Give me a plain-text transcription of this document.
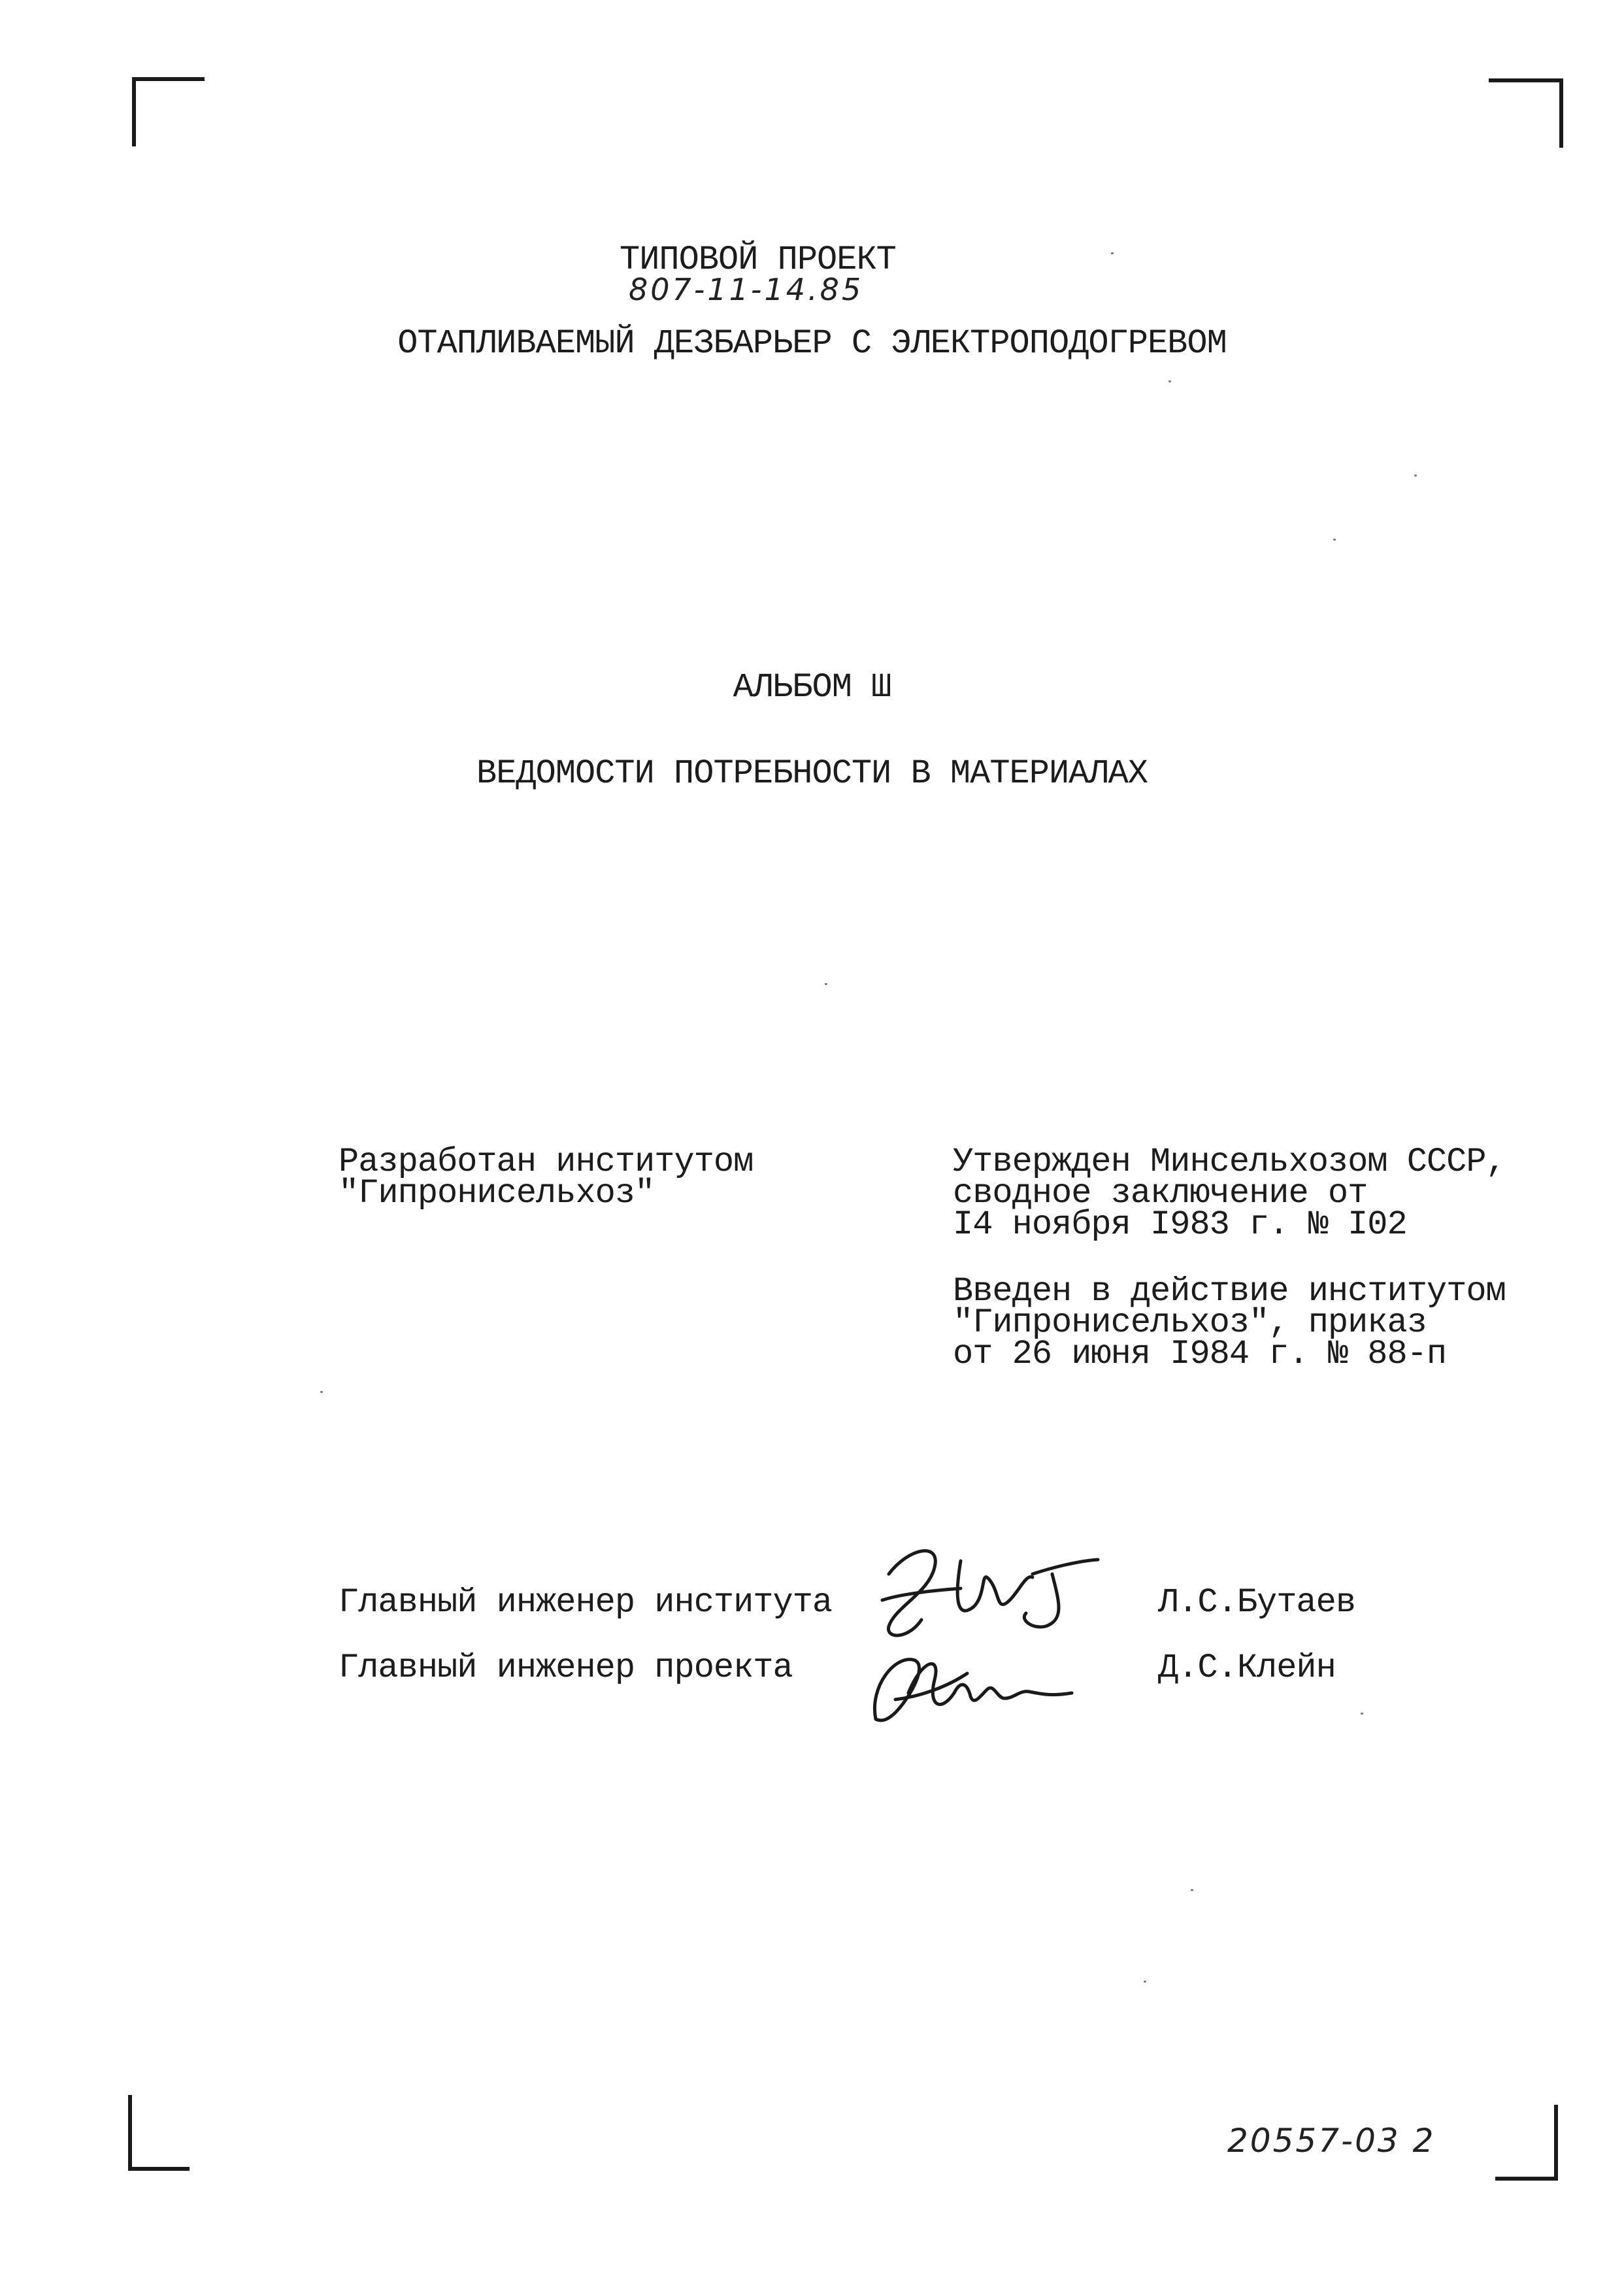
ТИПОВОЙ ПРОЕКТ
807-11-14.85
ОТАПЛИВАЕМЫЙ ДЕЗБАРЬЕР С ЭЛЕКТРОПОДОГРЕВОМ
АЛЬБОМ Ш
ВЕДОМОСТИ ПОТРЕБНОСТИ В МАТЕРИАЛАХ
Разработан институтом
"Гипронисельхоз"
Утвержден Минсельхозом СССР,
сводное заключение от
I4 ноября I983 г. № I02
Введен в действие институтом
"Гипронисельхоз", приказ
от 26 июня I984 г. № 88-п
Главный инженер института	Л.С.Бутаев
Главный инженер проекта	Д.С.Клейн
20557-03 2
